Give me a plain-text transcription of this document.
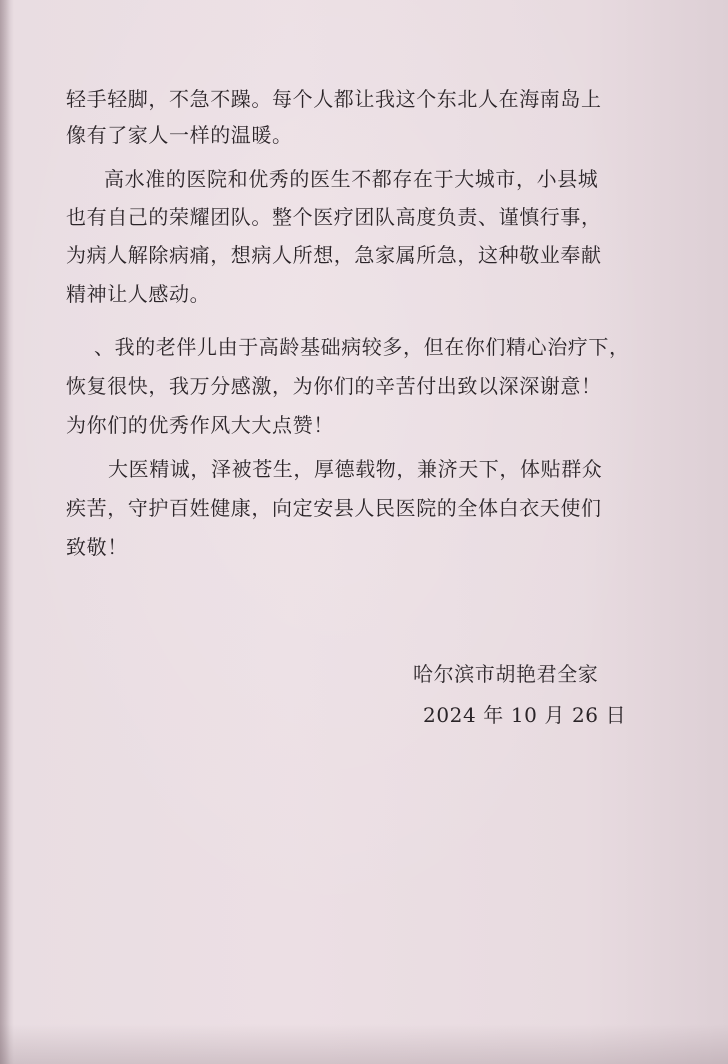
轻手轻脚，不急不躁。每个人都让我这个东北人在海南岛上

像有了家人一样的温暖。

高水准的医院和优秀的医生不都存在于大城市，小县城

也有自己的荣耀团队。整个医疗团队高度负责、谨慎行事，

为病人解除病痛，想病人所想，急家属所急，这种敬业奉献

精神让人感动。

、我的老伴儿由于高龄基础病较多，但在你们精心治疗下，

恢复很快，我万分感激，为你们的辛苦付出致以深深谢意！

为你们的优秀作风大大点赞！

大医精诚，泽被苍生，厚德载物，兼济天下，体贴群众

疾苦，守护百姓健康，向定安县人民医院的全体白衣天使们

致敬！

哈尔滨市胡艳君全家

2024 年 10 月 26 日
